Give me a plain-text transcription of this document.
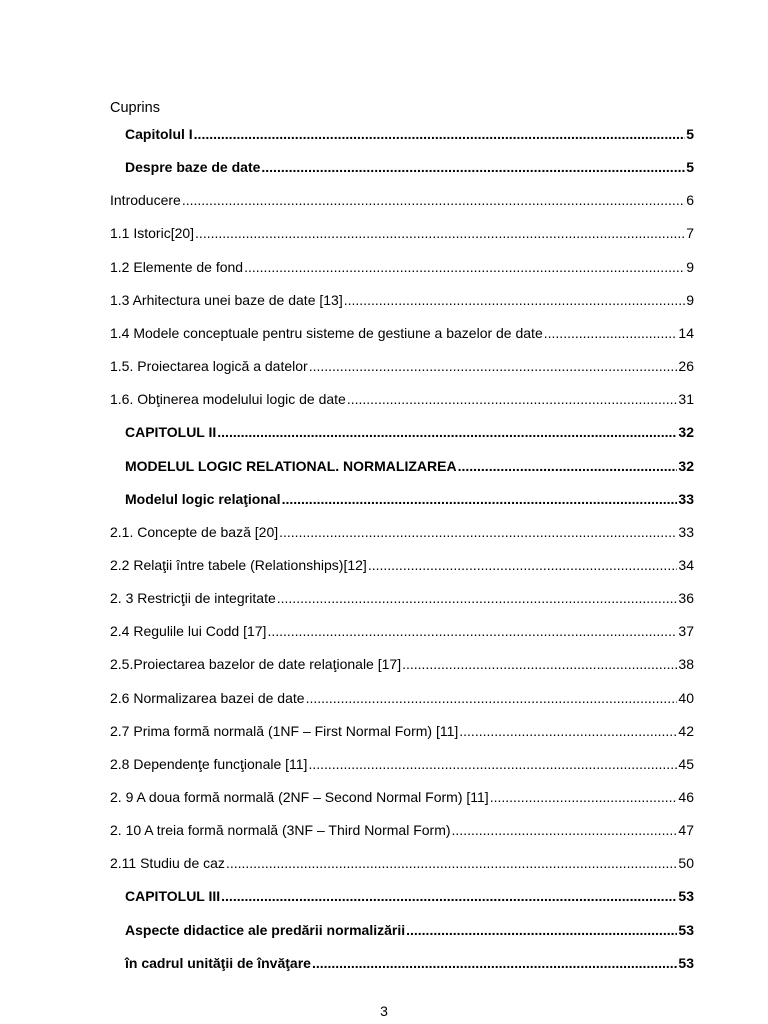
Cuprins
Capitolul I .....	5
Despre baze de date .....	5
Introducere .....	6
1.1 Istoric[20] .....	7
1.2 Elemente de fond .....	9
1.3 Arhitectura unei baze de date [13] .....	9
1.4 Modele conceptuale pentru sisteme de gestiune a bazelor de date .....	14
1.5. Proiectarea logică a datelor .....	26
1.6. Obţinerea modelului logic de date .....	31
CAPITOLUL II .....	32
MODELUL LOGIC RELATIONAL. NORMALIZAREA .....	32
Modelul logic relaţional .....	33
2.1. Concepte de bază [20] .....	33
2.2 Relaţii între tabele (Relationships)[12] .....	34
2. 3 Restricţii de integritate .....	36
2.4 Regulile lui Codd [17] .....	37
2.5.Proiectarea bazelor de date relaţionale [17] .....	38
2.6 Normalizarea bazei de date .....	40
2.7 Prima formă normală (1NF – First Normal Form) [11] .....	42
2.8 Dependenţe funcţionale [11] .....	45
2. 9 A doua formă normală (2NF – Second Normal Form) [11] .....	46
2. 10 A treia formă normală (3NF – Third Normal Form) .....	47
2.11 Studiu de caz .....	50
CAPITOLUL III .....	53
Aspecte didactice ale predării normalizării .....	53
în cadrul unităţii de învăţare .....	53
3
